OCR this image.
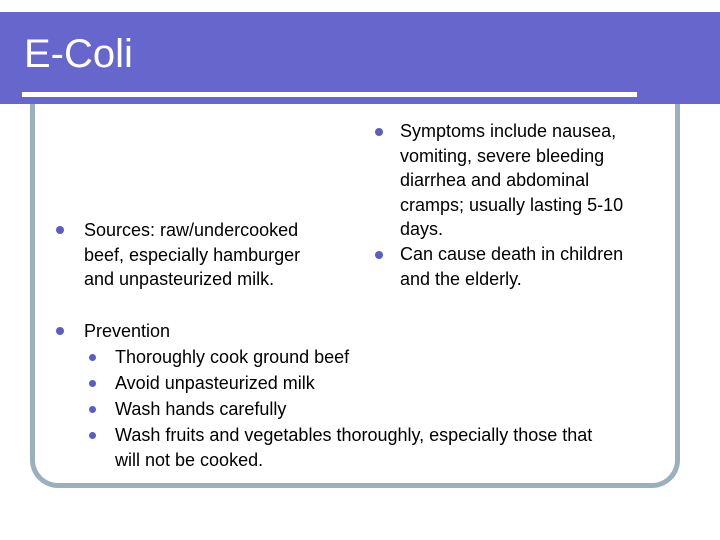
E-Coli
Symptoms include nausea,
vomiting, severe bleeding
diarrhea and abdominal
cramps; usually lasting 5-10
days.
Can cause death in children
and the elderly.
Sources: raw/undercooked
beef, especially hamburger
and unpasteurized milk.
Prevention
Thoroughly cook ground beef
Avoid unpasteurized milk
Wash hands carefully
Wash fruits and vegetables thoroughly, especially those that
will not be cooked.
